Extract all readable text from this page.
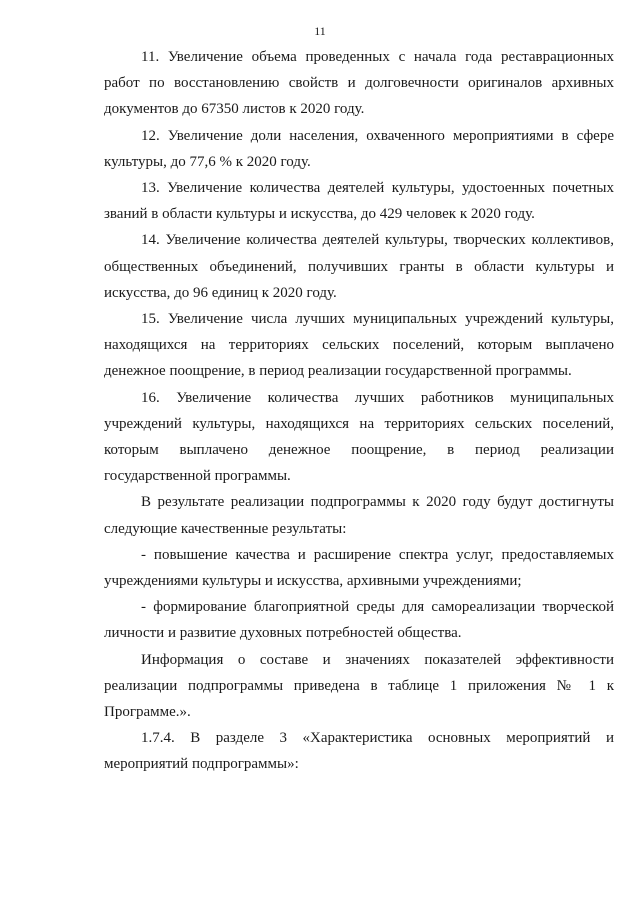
11

11. Увеличение объема проведенных с начала года реставрационных работ по восстановлению свойств и долговечности оригиналов архивных документов до 67350 листов к 2020 году.

12. Увеличение доли населения, охваченного мероприятиями в сфере культуры, до 77,6 % к 2020 году.

13. Увеличение количества деятелей культуры, удостоенных почетных званий в области культуры и искусства, до 429 человек к 2020 году.

14. Увеличение количества деятелей культуры, творческих коллективов, общественных объединений, получивших гранты в области культуры и искусства, до 96 единиц к 2020 году.

15. Увеличение числа лучших муниципальных учреждений культуры, находящихся на территориях сельских поселений, которым выплачено денежное поощрение, в период реализации государственной программы.

16. Увеличение количества лучших работников муниципальных учреждений культуры, находящихся на территориях сельских поселений, которым выплачено денежное поощрение, в период реализации государственной программы.

В результате реализации подпрограммы к 2020 году будут достигнуты следующие качественные результаты:

- повышение качества и расширение спектра услуг, предоставляемых учреждениями культуры и искусства, архивными учреждениями;

- формирование благоприятной среды для самореализации творческой личности и развитие духовных потребностей общества.

Информация о составе и значениях показателей эффективности реализации подпрограммы приведена в таблице 1 приложения № 1 к Программе.».

1.7.4. В разделе 3 «Характеристика основных мероприятий и мероприятий подпрограммы»:
